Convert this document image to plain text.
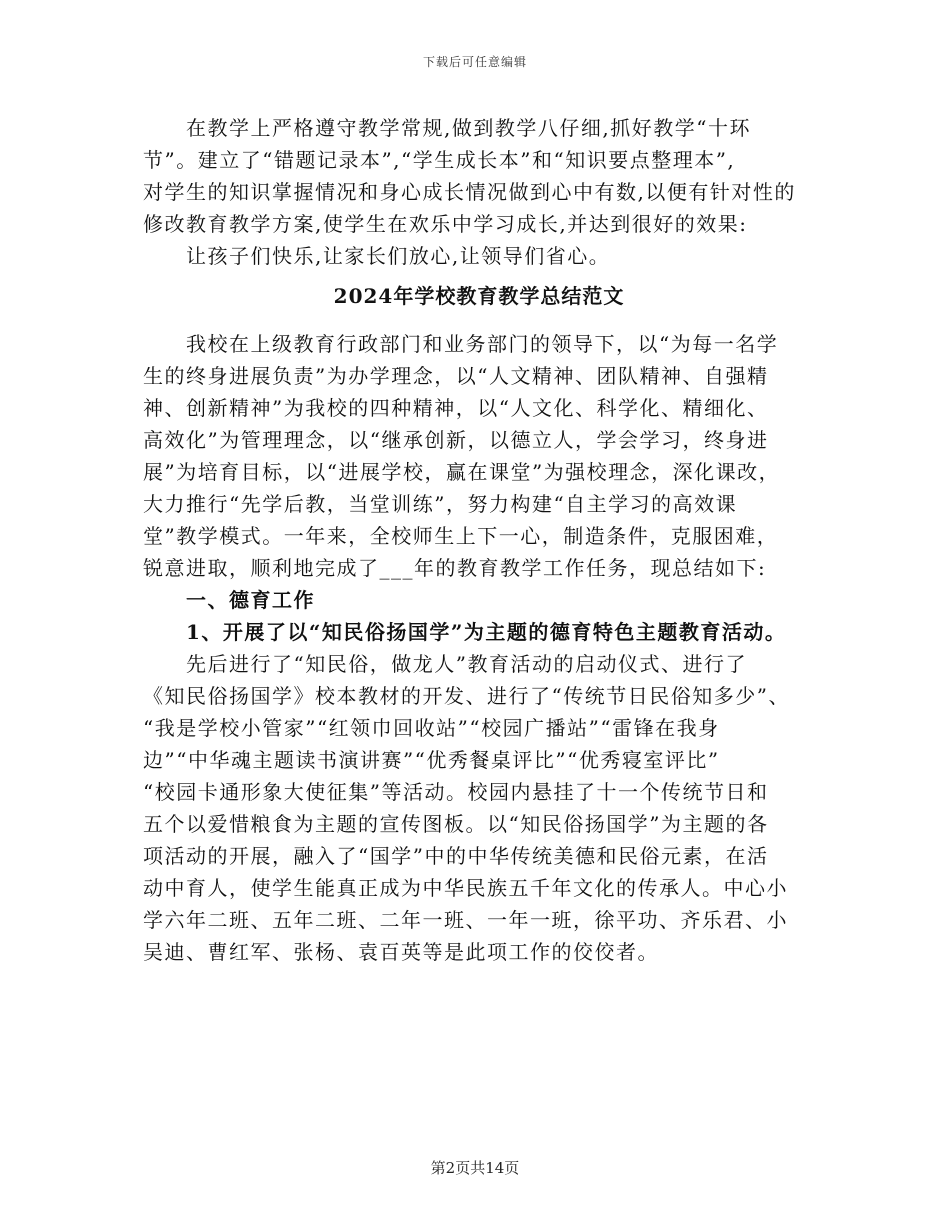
下载后可任意编辑
在教学上严格遵守教学常规,做到教学八仔细,抓好教学“十环
节”。建立了“错题记录本”,“学生成长本”和“知识要点整理本”,
对学生的知识掌握情况和身心成长情况做到心中有数,以便有针对性的
修改教育教学方案,使学生在欢乐中学习成长,并达到很好的效果:
让孩子们快乐,让家长们放心,让领导们省心。
2024年学校教育教学总结范文
我校在上级教育行政部门和业务部门的领导下，以“为每一名学
生的终身进展负责”为办学理念，以“人文精神、团队精神、自强精
神、创新精神”为我校的四种精神，以“人文化、科学化、精细化、
高效化”为管理理念，以“继承创新，以德立人，学会学习，终身进
展”为培育目标，以“进展学校，赢在课堂”为强校理念，深化课改，
大力推行“先学后教，当堂训练”，努力构建“自主学习的高效课
堂”教学模式。一年来，全校师生上下一心，制造条件，克服困难，
锐意进取，顺利地完成了___年的教育教学工作任务，现总结如下:
一、德育工作
1、开展了以“知民俗扬国学”为主题的德育特色主题教育活动。
先后进行了“知民俗，做龙人”教育活动的启动仪式、进行了
《知民俗扬国学》校本教材的开发、进行了“传统节日民俗知多少”、
“我是学校小管家”“红领巾回收站”“校园广播站”“雷锋在我身
边”“中华魂主题读书演讲赛”“优秀餐桌评比”“优秀寝室评比”
“校园卡通形象大使征集”等活动。校园内悬挂了十一个传统节日和
五个以爱惜粮食为主题的宣传图板。以“知民俗扬国学”为主题的各
项活动的开展，融入了“国学”中的中华传统美德和民俗元素，在活
动中育人，使学生能真正成为中华民族五千年文化的传承人。中心小
学六年二班、五年二班、二年一班、一年一班，徐平功、齐乐君、小
吴迪、曹红军、张杨、袁百英等是此项工作的佼佼者。
第2页共14页
